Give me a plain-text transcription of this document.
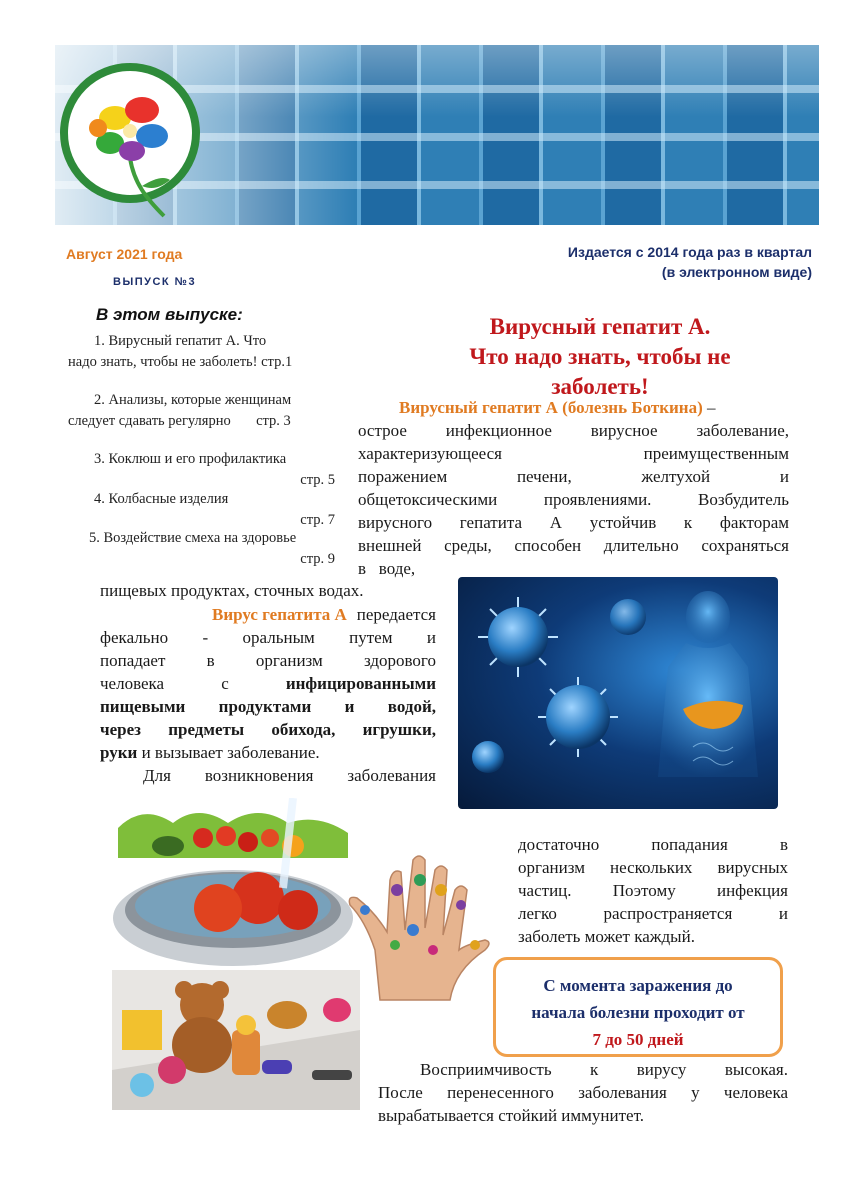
Август 2021 года
ВЫПУСК №3
Издается с 2014 года раз в квартал
(в электронном виде)
В этом выпуске:
1. Вирусный гепатит А. Что
надо знать, чтобы не заболеть! стр.1
2. Анализы, которые женщинам
следует сдавать регулярно       стр. 3
3. Коклюш и его профилактика
стр. 5
4. Колбасные изделия
стр. 7
5. Воздействие смеха на здоровье
стр. 9
Вирусный гепатит А.
Что надо знать, чтобы не
заболеть!
Вирусный гепатит А (болезнь Боткина) –
острое инфекционное вирусное заболевание,
характеризующееся	преимущественным
поражением	печени,	желтухой	и
общетоксическими проявлениями. Возбудитель
вирусного гепатита А устойчив к факторам
внешней среды, способен длительно сохраняться
в   воде,
пищевых продуктах, сточных водах.
Вирус гепатита А передается
фекально - оральным путем и
попадает в организм здорового
человека	с	инфицированными
пищевыми продуктами и водой,
через предметы обихода, игрушки,
руки и вызывает заболевание.
Для возникновения заболевания
достаточно попадания в
организм нескольких вирусных
частиц. Поэтому инфекция
легко распространяется и
заболеть может каждый.
С момента заражения до
начала болезни проходит от
7 до 50 дней
Восприимчивость к вирусу высокая.
После перенесенного заболевания у человека
вырабатывается стойкий иммунитет.
